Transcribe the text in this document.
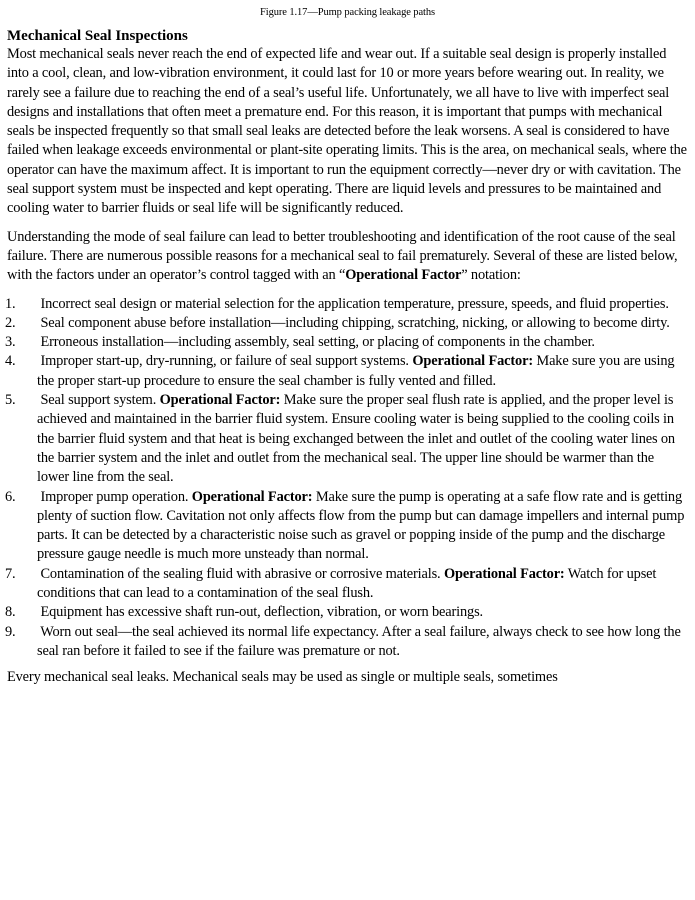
Figure 1.17—Pump packing leakage paths
Mechanical Seal Inspections

Most mechanical seals never reach the end of expected life and wear out. If a suitable seal design is properly installed into a cool, clean, and low-vibration environment, it could last for 10 or more years before wearing out. In reality, we rarely see a failure due to reaching the end of a seal’s useful life. Unfortunately, we all have to live with imperfect seal designs and installations that often meet a premature end. For this reason, it is important that pumps with mechanical seals be inspected frequently so that small seal leaks are detected before the leak worsens. A seal is considered to have failed when leakage exceeds environmental or plant-site operating limits. This is the area, on mechanical seals, where the operator can have the maximum affect. It is important to run the equipment correctly—never dry or with cavitation. The seal support system must be inspected and kept operating. There are liquid levels and pressures to be maintained and cooling water to barrier fluids or seal life will be significantly reduced.

Understanding the mode of seal failure can lead to better troubleshooting and identification of the root cause of the seal failure. There are numerous possible reasons for a mechanical seal to fail prematurely. Several of these are listed below, with the factors under an operator’s control tagged with an “Operational Factor” notation:

1. Incorrect seal design or material selection for the application temperature, pressure, speeds, and fluid properties.
2. Seal component abuse before installation—including chipping, scratching, nicking, or allowing to become dirty.
3. Erroneous installation—including assembly, seal setting, or placing of components in the chamber.
4. Improper start-up, dry-running, or failure of seal support systems. Operational Factor: Make sure you are using the proper start-up procedure to ensure the seal chamber is fully vented and filled.
5. Seal support system. Operational Factor: Make sure the proper seal flush rate is applied, and the proper level is achieved and maintained in the barrier fluid system. Ensure cooling water is being supplied to the cooling coils in the barrier fluid system and that heat is being exchanged between the inlet and outlet of the cooling water lines on the barrier system and the inlet and outlet from the mechanical seal. The upper line should be warmer than the lower line from the seal.
6. Improper pump operation. Operational Factor: Make sure the pump is operating at a safe flow rate and is getting plenty of suction flow. Cavitation not only affects flow from the pump but can damage impellers and internal pump parts. It can be detected by a characteristic noise such as gravel or popping inside of the pump and the discharge pressure gauge needle is much more unsteady than normal.
7. Contamination of the sealing fluid with abrasive or corrosive materials. Operational Factor: Watch for upset conditions that can lead to a contamination of the seal flush.
8. Equipment has excessive shaft run-out, deflection, vibration, or worn bearings.
9. Worn out seal—the seal achieved its normal life expectancy. After a seal failure, always check to see how long the seal ran before it failed to see if the failure was premature or not.

Every mechanical seal leaks. Mechanical seals may be used as single or multiple seals, sometimes
